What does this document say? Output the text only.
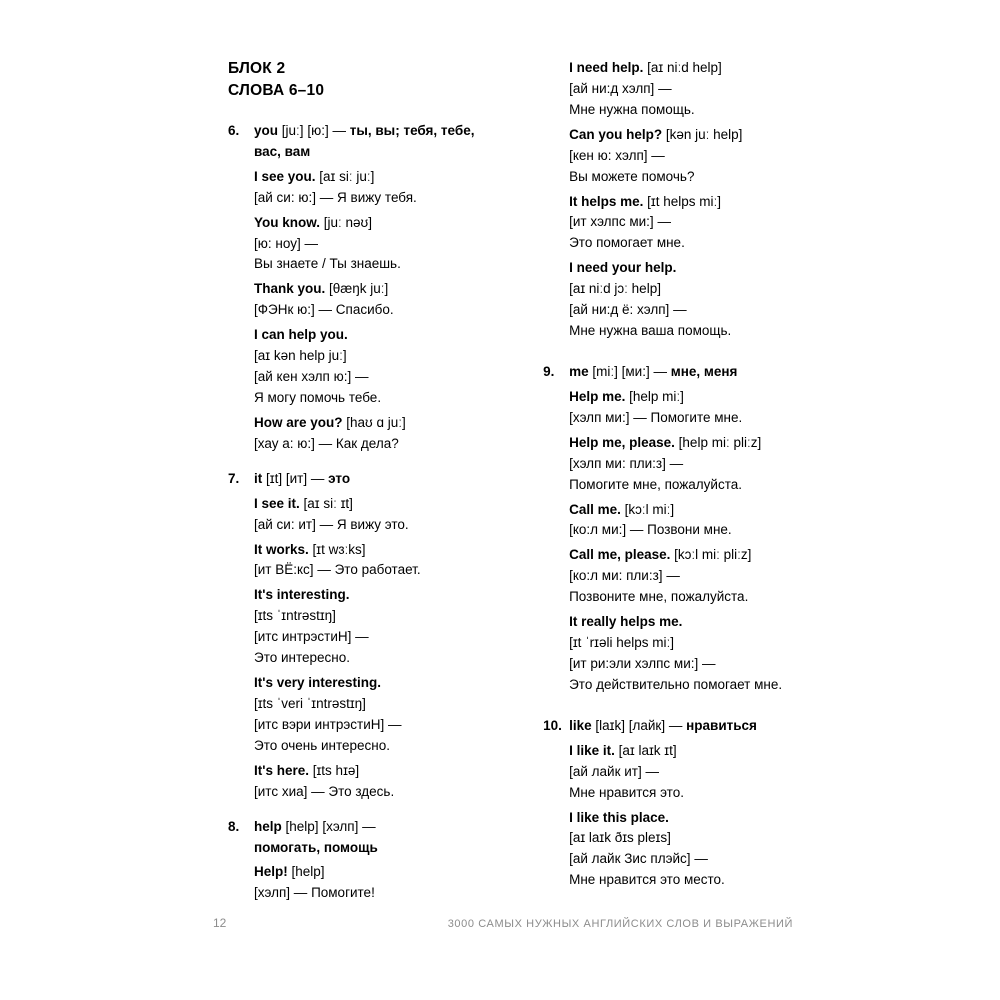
БЛОК 2
СЛОВА 6–10
6.	you [juː] [ю:] — ты, вы; тебя, тебе, вас, вам
I see you. [aɪ siː juː]
[ай си: ю:] — Я вижу тебя.
You know. [juː nəʊ]
[ю: ноу] —
Вы знаете / Ты знаешь.
Thank you. [θæŋk juː]
[ФЭНк ю:] — Спасибо.
I can help you.
[aɪ kən help juː]
[ай кен хэлп ю:] —
Я могу помочь тебе.
How are you? [haʊ ɑ juː]
[хау а: ю:] — Как дела?
7.	it [ɪt] [ит] — это
I see it. [aɪ siː ɪt]
[ай си: ит] — Я вижу это.
It works. [ɪt wɜːks]
[ит ВЁ:кс] — Это работает.
It's interesting.
[ɪts ˈɪntrəstɪŋ]
[итс интрэстиН] —
Это интересно.
It's very interesting.
[ɪts ˈveri ˈɪntrəstɪŋ]
[итс вэри интрэстиН] —
Это очень интересно.
It's here. [ɪts hɪə]
[итс хиа] — Это здесь.
8.	help [help] [хэлп] —
помогать, помощь
Help! [help]
[хэлп] — Помогите!
I need help. [aɪ niːd help]
[ай ни:д хэлп] —
Мне нужна помощь.
Can you help? [kən juː help]
[кен ю: хэлп] —
Вы можете помочь?
It helps me. [ɪt helps miː]
[ит хэлпс ми:] —
Это помогает мне.
I need your help.
[aɪ niːd jɔː help]
[ай ни:д ё: хэлп] —
Мне нужна ваша помощь.
9.	me [miː] [ми:] — мне, меня
Help me. [help miː]
[хэлп ми:] — Помогите мне.
Help me, please. [help miː pliːz]
[хэлп ми: пли:з] —
Помогите мне, пожалуйста.
Call me. [kɔːl miː]
[ко:л ми:] — Позвони мне.
Call me, please. [kɔːl miː pliːz]
[ко:л ми: пли:з] —
Позвоните мне, пожалуйста.
It really helps me.
[ɪt ˈrɪəli helps miː]
[ит ри:эли хэлпс ми:] —
Это действительно помогает мне.
10. like [laɪk] [лайк] — нравиться
I like it. [aɪ laɪk ɪt]
[ай лайк ит] —
Мне нравится это.
I like this place.
[aɪ laɪk ðɪs pleɪs]
[ай лайк Зис плэйс] —
Мне нравится это место.
12	3000 САМЫХ НУЖНЫХ АНГЛИЙСКИХ СЛОВ И ВЫРАЖЕНИЙ
